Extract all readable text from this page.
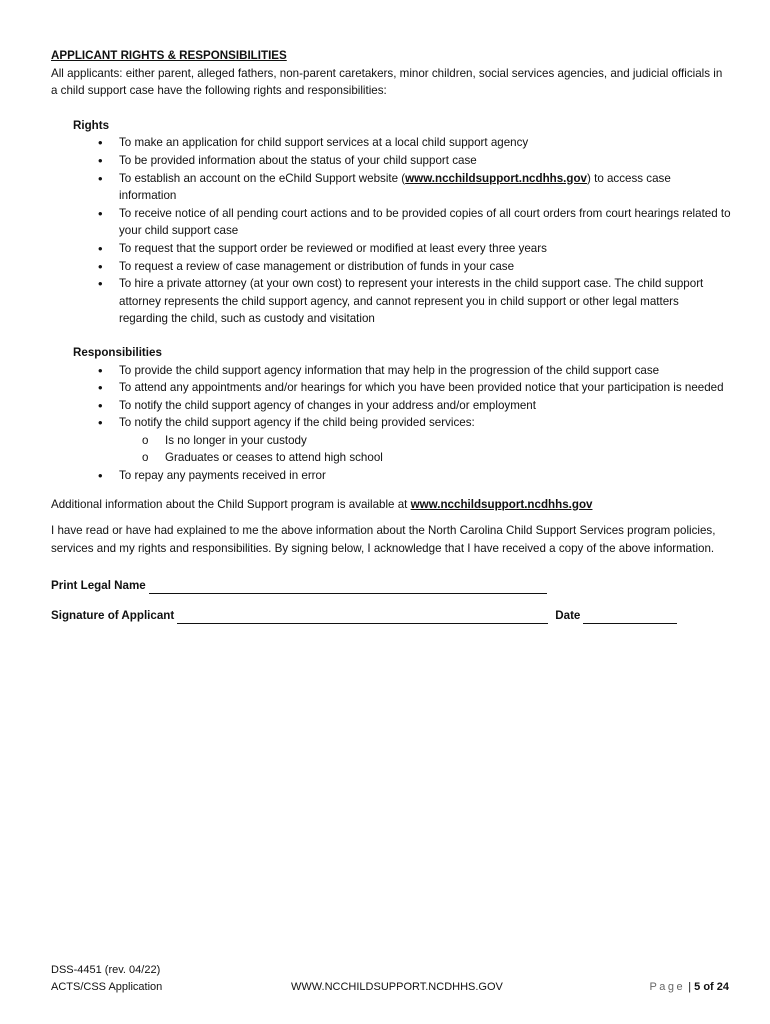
APPLICANT RIGHTS & RESPONSIBILITIES
All applicants: either parent, alleged fathers, non-parent caretakers, minor children, social services agencies, and judicial officials in a child support case have the following rights and responsibilities:
Rights
• To make an application for child support services at a local child support agency
• To be provided information about the status of your child support case
• To establish an account on the eChild Support website (www.ncchildsupport.ncdhhs.gov) to access case information
• To receive notice of all pending court actions and to be provided copies of all court orders from court hearings related to your child support case
• To request that the support order be reviewed or modified at least every three years
• To request a review of case management or distribution of funds in your case
• To hire a private attorney (at your own cost) to represent your interests in the child support case. The child support attorney represents the child support agency, and cannot represent you in child support or other legal matters regarding the child, such as custody and visitation
Responsibilities
• To provide the child support agency information that may help in the progression of the child support case
• To attend any appointments and/or hearings for which you have been provided notice that your participation is needed
• To notify the child support agency of changes in your address and/or employment
• To notify the child support agency if the child being provided services:
o Is no longer in your custody
o Graduates or ceases to attend high school
• To repay any payments received in error
Additional information about the Child Support program is available at www.ncchildsupport.ncdhhs.gov
I have read or have had explained to me the above information about the North Carolina Child Support Services program policies, services and my rights and responsibilities. By signing below, I acknowledge that I have received a copy of the above information.
Print Legal Name
Signature of Applicant	Date
DSS-4451 (rev. 04/22)
ACTS/CSS Application	WWW.NCCHILDSUPPORT.NCDHHS.GOV	Page | 5 of 24
